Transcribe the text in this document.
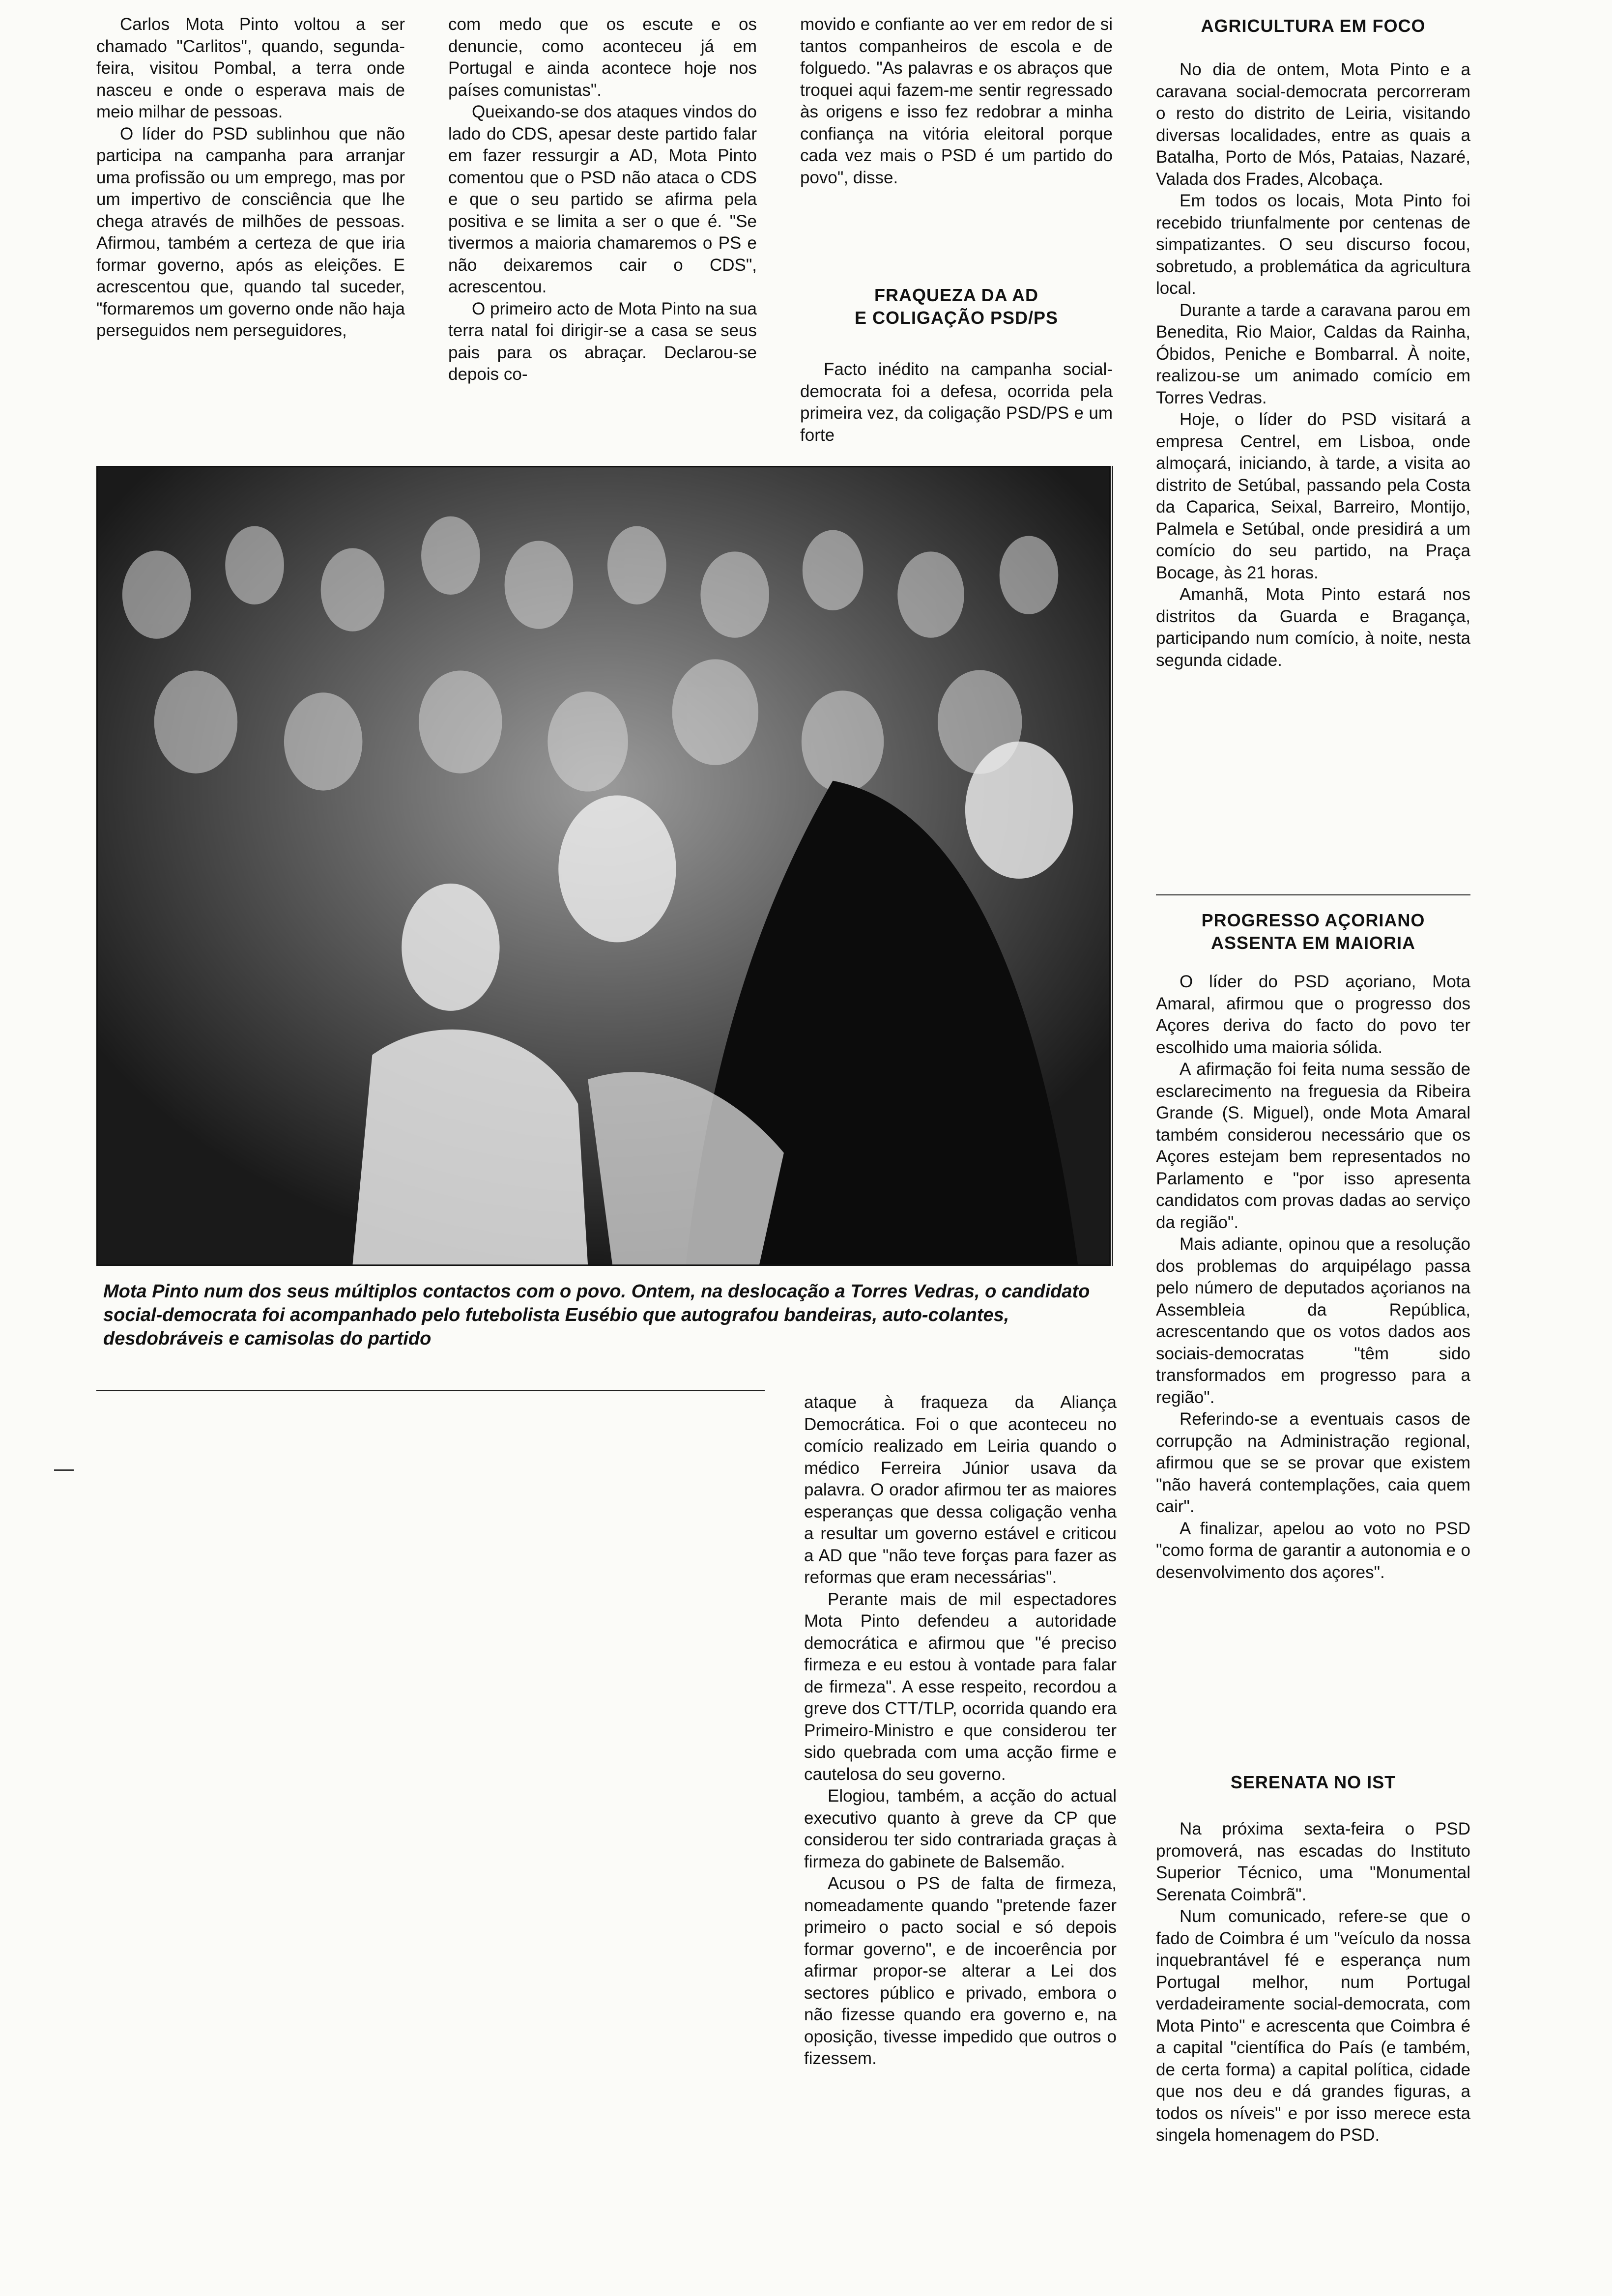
Carlos Mota Pinto voltou a ser chamado "Carlitos", quando, segunda-feira, visitou Pombal, a terra onde nasceu e onde o esperava mais de meio milhar de pessoas.

O líder do PSD sublinhou que não participa na campanha para arranjar uma profissão ou um emprego, mas por um impertivo de consciência que lhe chega através de milhões de pessoas. Afirmou, também a certeza de que iria formar governo, após as eleições. E acrescentou que, quando tal suceder, "formaremos um governo onde não haja perseguidos nem perseguidores,

com medo que os escute e os denuncie, como aconteceu já em Portugal e ainda acontece hoje nos países comunistas".

Queixando-se dos ataques vindos do lado do CDS, apesar deste partido falar em fazer ressurgir a AD, Mota Pinto comentou que o PSD não ataca o CDS e que o seu partido se afirma pela positiva e se limita a ser o que é. "Se tivermos a maioria chamaremos o PS e não deixaremos cair o CDS", acrescentou.

O primeiro acto de Mota Pinto na sua terra natal foi dirigir-se a casa se seus pais para os abraçar. Declarou-se depois co-

movido e confiante ao ver em redor de si tantos companheiros de escola e de folguedo. "As palavras e os abraços que troquei aqui fazem-me sentir regressado às origens e isso fez redobrar a minha confiança na vitória eleitoral porque cada vez mais o PSD é um partido do povo", disse.

FRAQUEZA DA AD
E COLIGAÇÃO PSD/PS

Facto inédito na campanha social-democrata foi a defesa, ocorrida pela primeira vez, da coligação PSD/PS e um forte

Mota Pinto num dos seus múltiplos contactos com o povo. Ontem, na deslocação a Torres Vedras, o candidato social-democrata foi acompanhado pelo futebolista Eusébio que autografou bandeiras, auto-colantes, desdobráveis e camisolas do partido

ataque à fraqueza da Aliança Democrática. Foi o que aconteceu no comício realizado em Leiria quando o médico Ferreira Júnior usava da palavra. O orador afirmou ter as maiores esperanças que dessa coligação venha a resultar um governo estável e criticou a AD que "não teve forças para fazer as reformas que eram necessárias".

Perante mais de mil espectadores Mota Pinto defendeu a autoridade democrática e afirmou que "é preciso firmeza e eu estou à vontade para falar de firmeza". A esse respeito, recordou a greve dos CTT/TLP, ocorrida quando era Primeiro-Ministro e que considerou ter sido quebrada com uma acção firme e cautelosa do seu governo.

Elogiou, também, a acção do actual executivo quanto à greve da CP que considerou ter sido contrariada graças à firmeza do gabinete de Balsemão.

Acusou o PS de falta de firmeza, nomeadamente quando "pretende fazer primeiro o pacto social e só depois formar governo", e de incoerência por afirmar propor-se alterar a Lei dos sectores público e privado, embora o não fizesse quando era governo e, na oposição, tivesse impedido que outros o fizessem.

AGRICULTURA EM FOCO

No dia de ontem, Mota Pinto e a caravana social-democrata percorreram o resto do distrito de Leiria, visitando diversas localidades, entre as quais a Batalha, Porto de Mós, Pataias, Nazaré, Valada dos Frades, Alcobaça.

Em todos os locais, Mota Pinto foi recebido triunfalmente por centenas de simpatizantes. O seu discurso focou, sobretudo, a problemática da agricultura local.

Durante a tarde a caravana parou em Benedita, Rio Maior, Caldas da Rainha, Óbidos, Peniche e Bombarral. À noite, realizou-se um animado comício em Torres Vedras.

Hoje, o líder do PSD visitará a empresa Centrel, em Lisboa, onde almoçará, iniciando, à tarde, a visita ao distrito de Setúbal, passando pela Costa da Caparica, Seixal, Barreiro, Montijo, Palmela e Setúbal, onde presidirá a um comício do seu partido, na Praça Bocage, às 21 horas.

Amanhã, Mota Pinto estará nos distritos da Guarda e Bragança, participando num comício, à noite, nesta segunda cidade.

PROGRESSO AÇORIANO
ASSENTA EM MAIORIA

O líder do PSD açoriano, Mota Amaral, afirmou que o progresso dos Açores deriva do facto do povo ter escolhido uma maioria sólida.

A afirmação foi feita numa sessão de esclarecimento na freguesia da Ribeira Grande (S. Miguel), onde Mota Amaral também considerou necessário que os Açores estejam bem representados no Parlamento e "por isso apresenta candidatos com provas dadas ao serviço da região".

Mais adiante, opinou que a resolução dos problemas do arquipélago passa pelo número de deputados açorianos na Assembleia da República, acrescentando que os votos dados aos sociais-democratas "têm sido transformados em progresso para a região".

Referindo-se a eventuais casos de corrupção na Administração regional, afirmou que se se provar que existem "não haverá contemplações, caia quem cair".

A finalizar, apelou ao voto no PSD "como forma de garantir a autonomia e o desenvolvimento dos açores".

SERENATA NO IST

Na próxima sexta-feira o PSD promoverá, nas escadas do Instituto Superior Técnico, uma "Monumental Serenata Coimbrã".

Num comunicado, refere-se que o fado de Coimbra é um "veículo da nossa inquebrantável fé e esperança num Portugal melhor, num Portugal verdadeiramente social-democrata, com Mota Pinto" e acrescenta que Coimbra é a capital "científica do País (e também, de certa forma) a capital política, cidade que nos deu e dá grandes figuras, a todos os níveis" e por isso merece esta singela homenagem do PSD.
